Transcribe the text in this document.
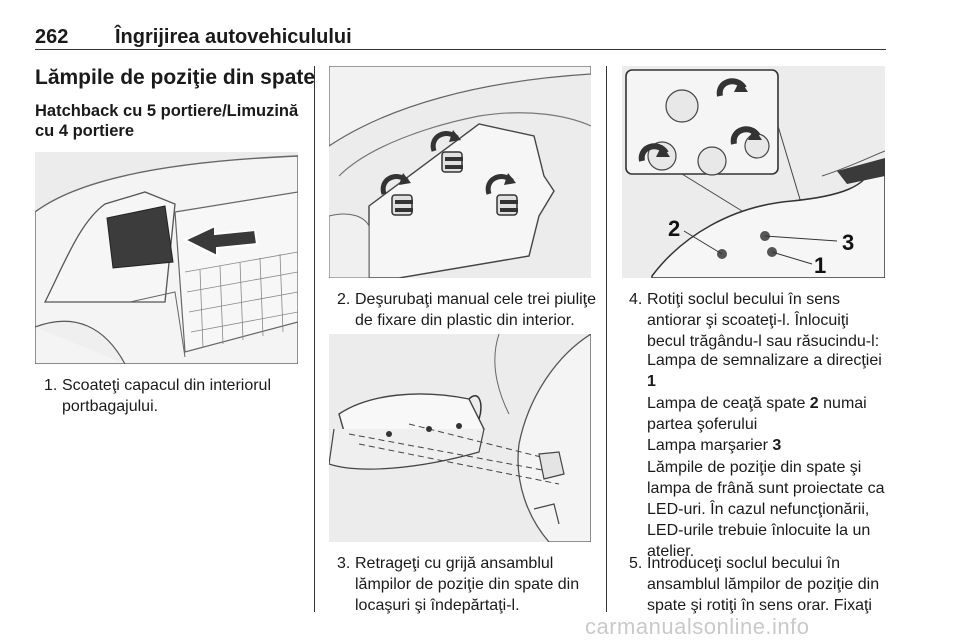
262 Îngrijirea autovehiculului
Lămpile de poziţie din spate
Hatchback cu 5 portiere/Limuzină cu 4 portiere
1. Scoateţi capacul din interiorul portbagajului.
2. Deşurubaţi manual cele trei piuliţe de fixare din plastic din interior.
3. Retrageţi cu grijă ansamblul lămpilor de poziţie din spate din locaşuri şi îndepărtaţi-l.
2
1
3
4. Rotiţi soclul becului în sens antiorar şi scoateţi-l. Înlocuiţi becul trăgându-l sau răsucindu-l:
Lampa de semnalizare a direcţiei 1
Lampa de ceaţă spate 2 numai partea şoferului
Lampa marşarier 3
Lămpile de poziţie din spate şi lampa de frână sunt proiectate ca LED-uri. În cazul nefuncţionării, LED-urile trebuie înlocuite la un atelier.
5. Introduceţi soclul becului în ansamblul lămpilor de poziţie din spate şi rotiţi în sens orar. Fixaţi
carmanualsonline.info
